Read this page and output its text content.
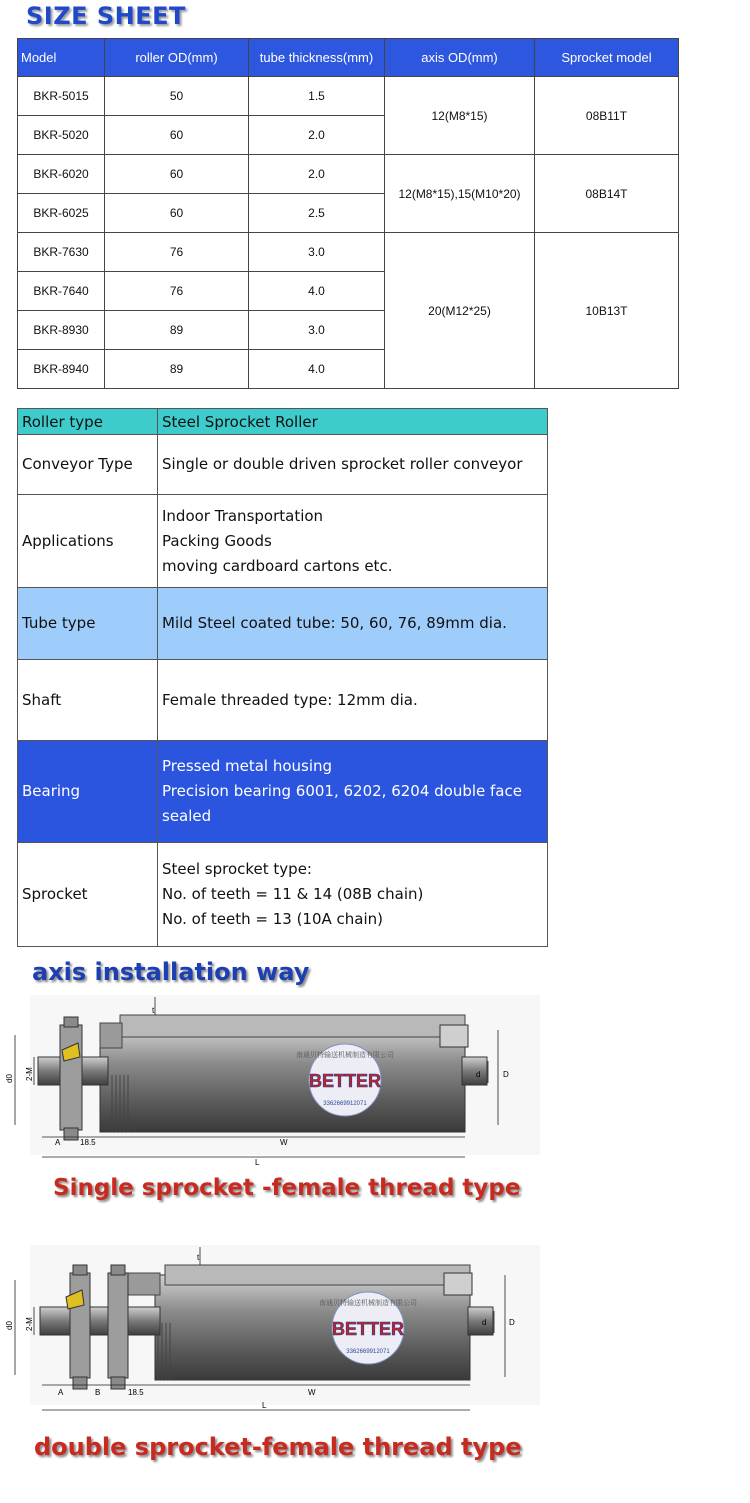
SIZE SHEET
Model	roller OD(mm)	tube thickness(mm)	axis OD(mm)	Sprocket model
BKR-5015	50	1.5	12(M8*15)	08B11T
BKR-5020	60	2.0		
BKR-6020	60	2.0	12(M8*15),15(M10*20)	08B14T
BKR-6025	60	2.5		
BKR-7630	76	3.0	20(M12*25)	10B13T
BKR-7640	76	4.0		
BKR-8930	89	3.0		
BKR-8940	89	4.0		
Roller type	Steel Sprocket Roller
Conveyor Type	Single or double driven sprocket roller conveyor
Applications	Indoor Transportation
Packing Goods
moving cardboard cartons etc.

Tube type	Mild Steel coated tube: 50, 60, 76, 89mm dia.
Shaft	Female threaded type: 12mm dia.
Bearing	Pressed metal housing
Precision bearing 6001, 6202, 6204 double face sealed

Sprocket	Steel sprocket type:
No. of teeth = 11 & 14 (08B chain)
No. of teeth = 13 (10A chain)
axis installation way
南通贝特输送机械制造有限公司
BETTER
3362669912071
d0 2-M	d	D
t
A 18.5	W
L
Single sprocket -female thread type
南通贝特输送机械制造有限公司
BETTER
3362669912071
d0 2-M	d	D
t
A	B	18.5	W
L
double sprocket-female thread type
